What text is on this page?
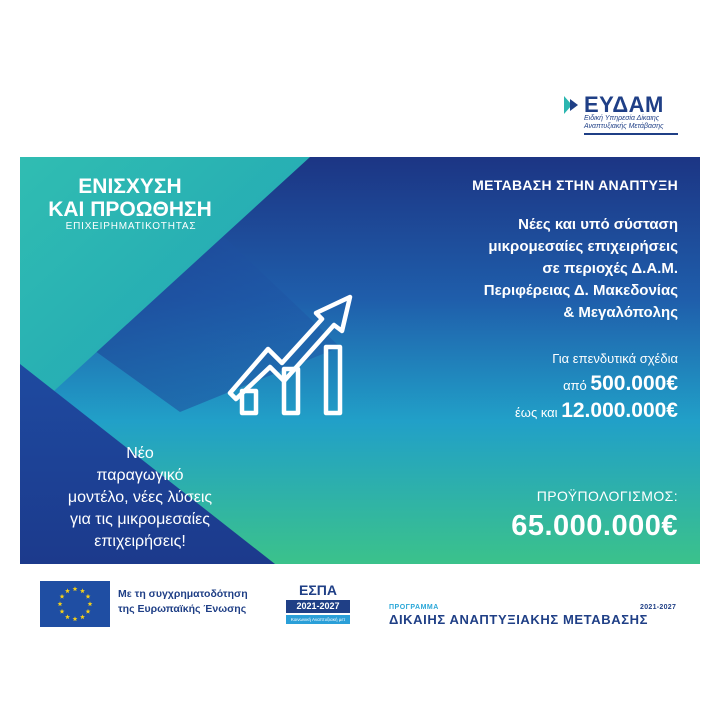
ΕΥΔΑΜ
Ειδική Υπηρεσία Δίκαιης
Αναπτυξιακής Μετάβασης
ΕΝΙΣΧΥΣΗ
ΚΑΙ ΠΡΟΩΘΗΣΗ
ΕΠΙΧΕΙΡΗΜΑΤΙΚΟΤΗΤΑΣ
Νέο
παραγωγικό
μοντέλο, νέες λύσεις
για τις μικρομεσαίες
επιχειρήσεις!
ΜΕΤΑΒΑΣΗ ΣΤΗΝ ΑΝΑΠΤΥΞΗ
Νέες και υπό σύσταση
μικρομεσαίες επιχειρήσεις
σε περιοχές Δ.Α.Μ.
Περιφέρειας Δ. Μακεδονίας
& Μεγαλόπολης
Για επενδυτικά σχέδια
από 500.000€
έως και 12.000.000€
ΠΡΟΫΠΟΛΟΓΙΣΜΟΣ:
65.000.000€
Με τη συγχρηματοδότηση
της Ευρωπαϊκής Ένωσης
ΕΣΠΑ
2021-2027
Κοινωνική Αναπτυξιακή μετ Μέλλος
ΠΡΟΓΡΑΜΜΑ	2021-2027
ΔΙΚΑΙΗΣ ΑΝΑΠΤΥΞΙΑΚΗΣ ΜΕΤΑΒΑΣΗΣ
